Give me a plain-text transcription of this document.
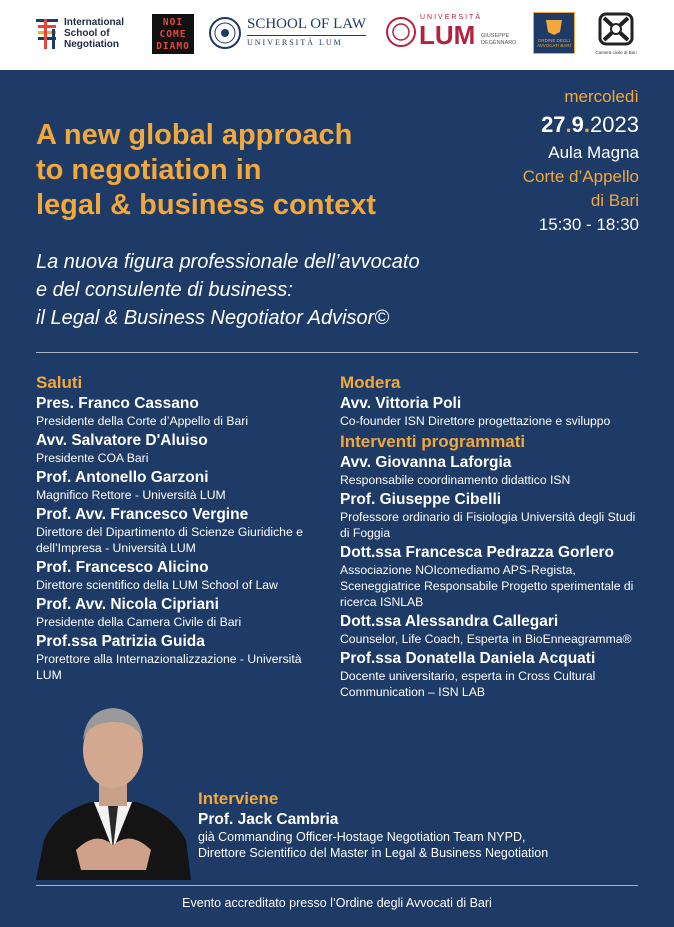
International
School of
Negotiation
NOI
COME
DIAMO
SCHOOL OF LAW
UNIVERSITÀ LUM
UNIVERSITÀ
LUM GIUSEPPE
DEGENNARO	ORDINE DEGLI AVVOCATI BARI
Camera civile di Bari
mercoledì
27.9.2023
Aula Magna
Corte d’Appello
di Bari
15:30 - 18:30
A new global approach
to negotiation in
legal & business context
La nuova figura professionale dell’avvocato
e del consulente di business:
il Legal & Business Negotiator Advisor©
Saluti
Pres. Franco Cassano
Presidente della Corte d’Appello di Bari
Avv. Salvatore D'Aluiso
Presidente COA Bari
Prof. Antonello Garzoni
Magnifico Rettore - Università LUM
Prof. Avv. Francesco Vergine
Direttore del Dipartimento di Scienze Giuridiche e dell’Impresa - Università LUM
Prof. Francesco Alicino
Direttore scientifico della LUM School of Law
Prof. Avv. Nicola Cipriani
Presidente della Camera Civile di Bari
Prof.ssa Patrizia Guida
Prorettore alla Internazionalizzazione - Università LUM
Modera
Avv. Vittoria Poli
Co-founder ISN Direttore progettazione e sviluppo
Interventi programmati
Avv. Giovanna Laforgia
Responsabile coordinamento didattico ISN
Prof. Giuseppe Cibelli
Professore ordinario di Fisiologia Università degli Studi di Foggia
Dott.ssa Francesca Pedrazza Gorlero
Associazione NOIcomediamo APS-Regista, Sceneggiatrice Responsabile Progetto sperimentale di ricerca ISNLAB
Dott.ssa Alessandra Callegari
Counselor, Life Coach, Esperta in BioEnneagramma®
Prof.ssa Donatella Daniela Acquati
Docente universitario, esperta in Cross Cultural Communication – ISN LAB
Interviene
Prof. Jack Cambria
già Commanding Officer-Hostage Negotiation Team NYPD,
Direttore Scientifico del Master in Legal & Business Negotiation
Evento accreditato presso l’Ordine degli Avvocati di Bari
